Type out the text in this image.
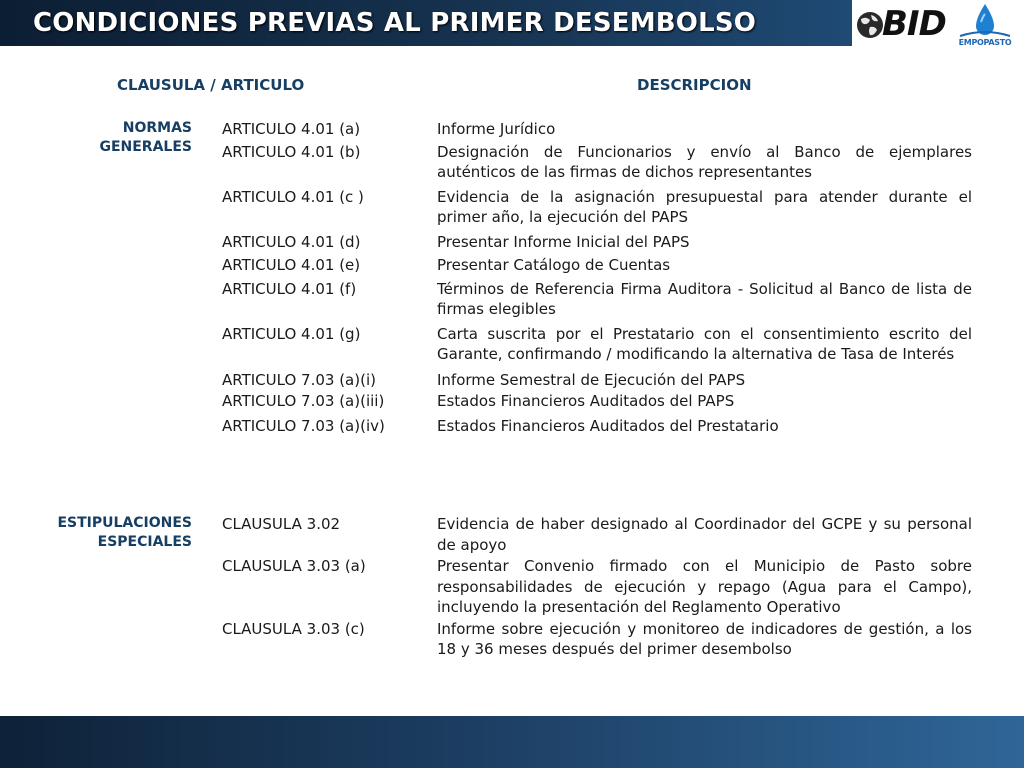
CONDICIONES PREVIAS AL PRIMER DESEMBOLSO	BID	EMPOPASTO
CLAUSULA / ARTICULO	DESCRIPCION
NORMAS
GENERALES
ARTICULO 4.01 (a)	Informe Jurídico
ARTICULO 4.01 (b)	Designación de Funcionarios y envío al Banco de ejemplares auténticos de las firmas de dichos representantes
ARTICULO 4.01 (c )	Evidencia de la asignación presupuestal para atender durante el primer año, la ejecución del PAPS
ARTICULO 4.01 (d)	Presentar Informe Inicial del PAPS
ARTICULO 4.01 (e)	Presentar Catálogo de Cuentas
ARTICULO 4.01 (f)	Términos de Referencia Firma Auditora - Solicitud al Banco de lista de firmas elegibles
ARTICULO 4.01 (g)	Carta suscrita por el Prestatario con el consentimiento escrito del Garante, confirmando / modificando la alternativa de Tasa de Interés
ARTICULO 7.03 (a)(i)	Informe Semestral de Ejecución del PAPS
ARTICULO 7.03 (a)(iii)	Estados Financieros Auditados del PAPS
ARTICULO 7.03 (a)(iv)	Estados Financieros Auditados del Prestatario
ESTIPULACIONES
ESPECIALES
CLAUSULA 3.02	Evidencia de haber designado al Coordinador del GCPE y su personal de apoyo
CLAUSULA 3.03 (a)	Presentar Convenio firmado con el Municipio de Pasto sobre responsabilidades de ejecución y repago (Agua para el Campo), incluyendo la presentación del Reglamento Operativo
CLAUSULA 3.03 (c)	Informe sobre ejecución y monitoreo de indicadores de gestión, a los 18 y 36 meses después del primer desembolso
